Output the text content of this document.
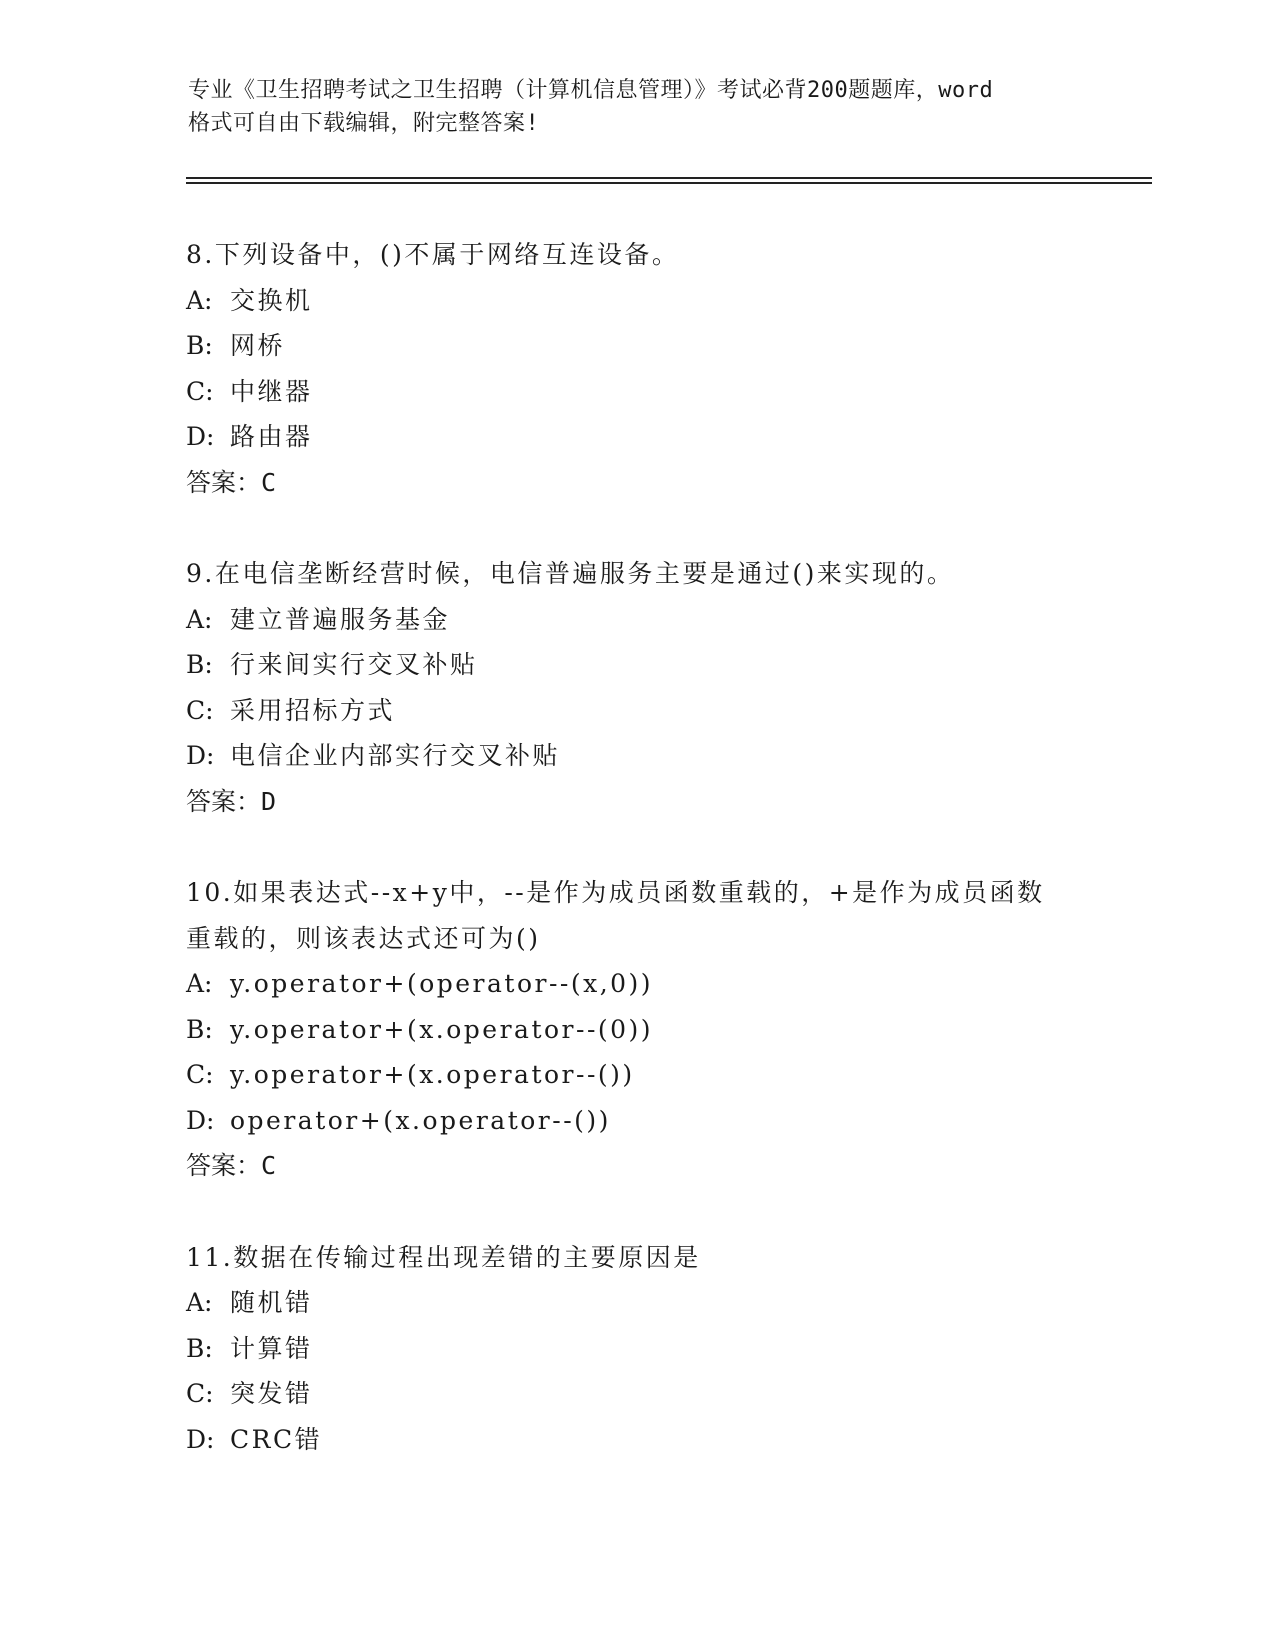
专业《卫生招聘考试之卫生招聘（计算机信息管理）》考试必背200题题库，word
格式可自由下载编辑，附完整答案!
8.下列设备中，()不属于网络互连设备。
A: 交换机
B: 网桥
C: 中继器
D: 路由器
答案：C
9.在电信垄断经营时候，电信普遍服务主要是通过()来实现的。
A: 建立普遍服务基金
B: 行来间实行交叉补贴
C: 采用招标方式
D: 电信企业内部实行交叉补贴
答案：D
10.如果表达式--x+y中，--是作为成员函数重载的，+是作为成员函数
重载的，则该表达式还可为()
A: y.operator+(operator--(x,0))
B: y.operator+(x.operator--(0))
C: y.operator+(x.operator--())
D: operator+(x.operator--())
答案：C
11.数据在传输过程出现差错的主要原因是
A: 随机错
B: 计算错
C: 突发错
D: CRC错
